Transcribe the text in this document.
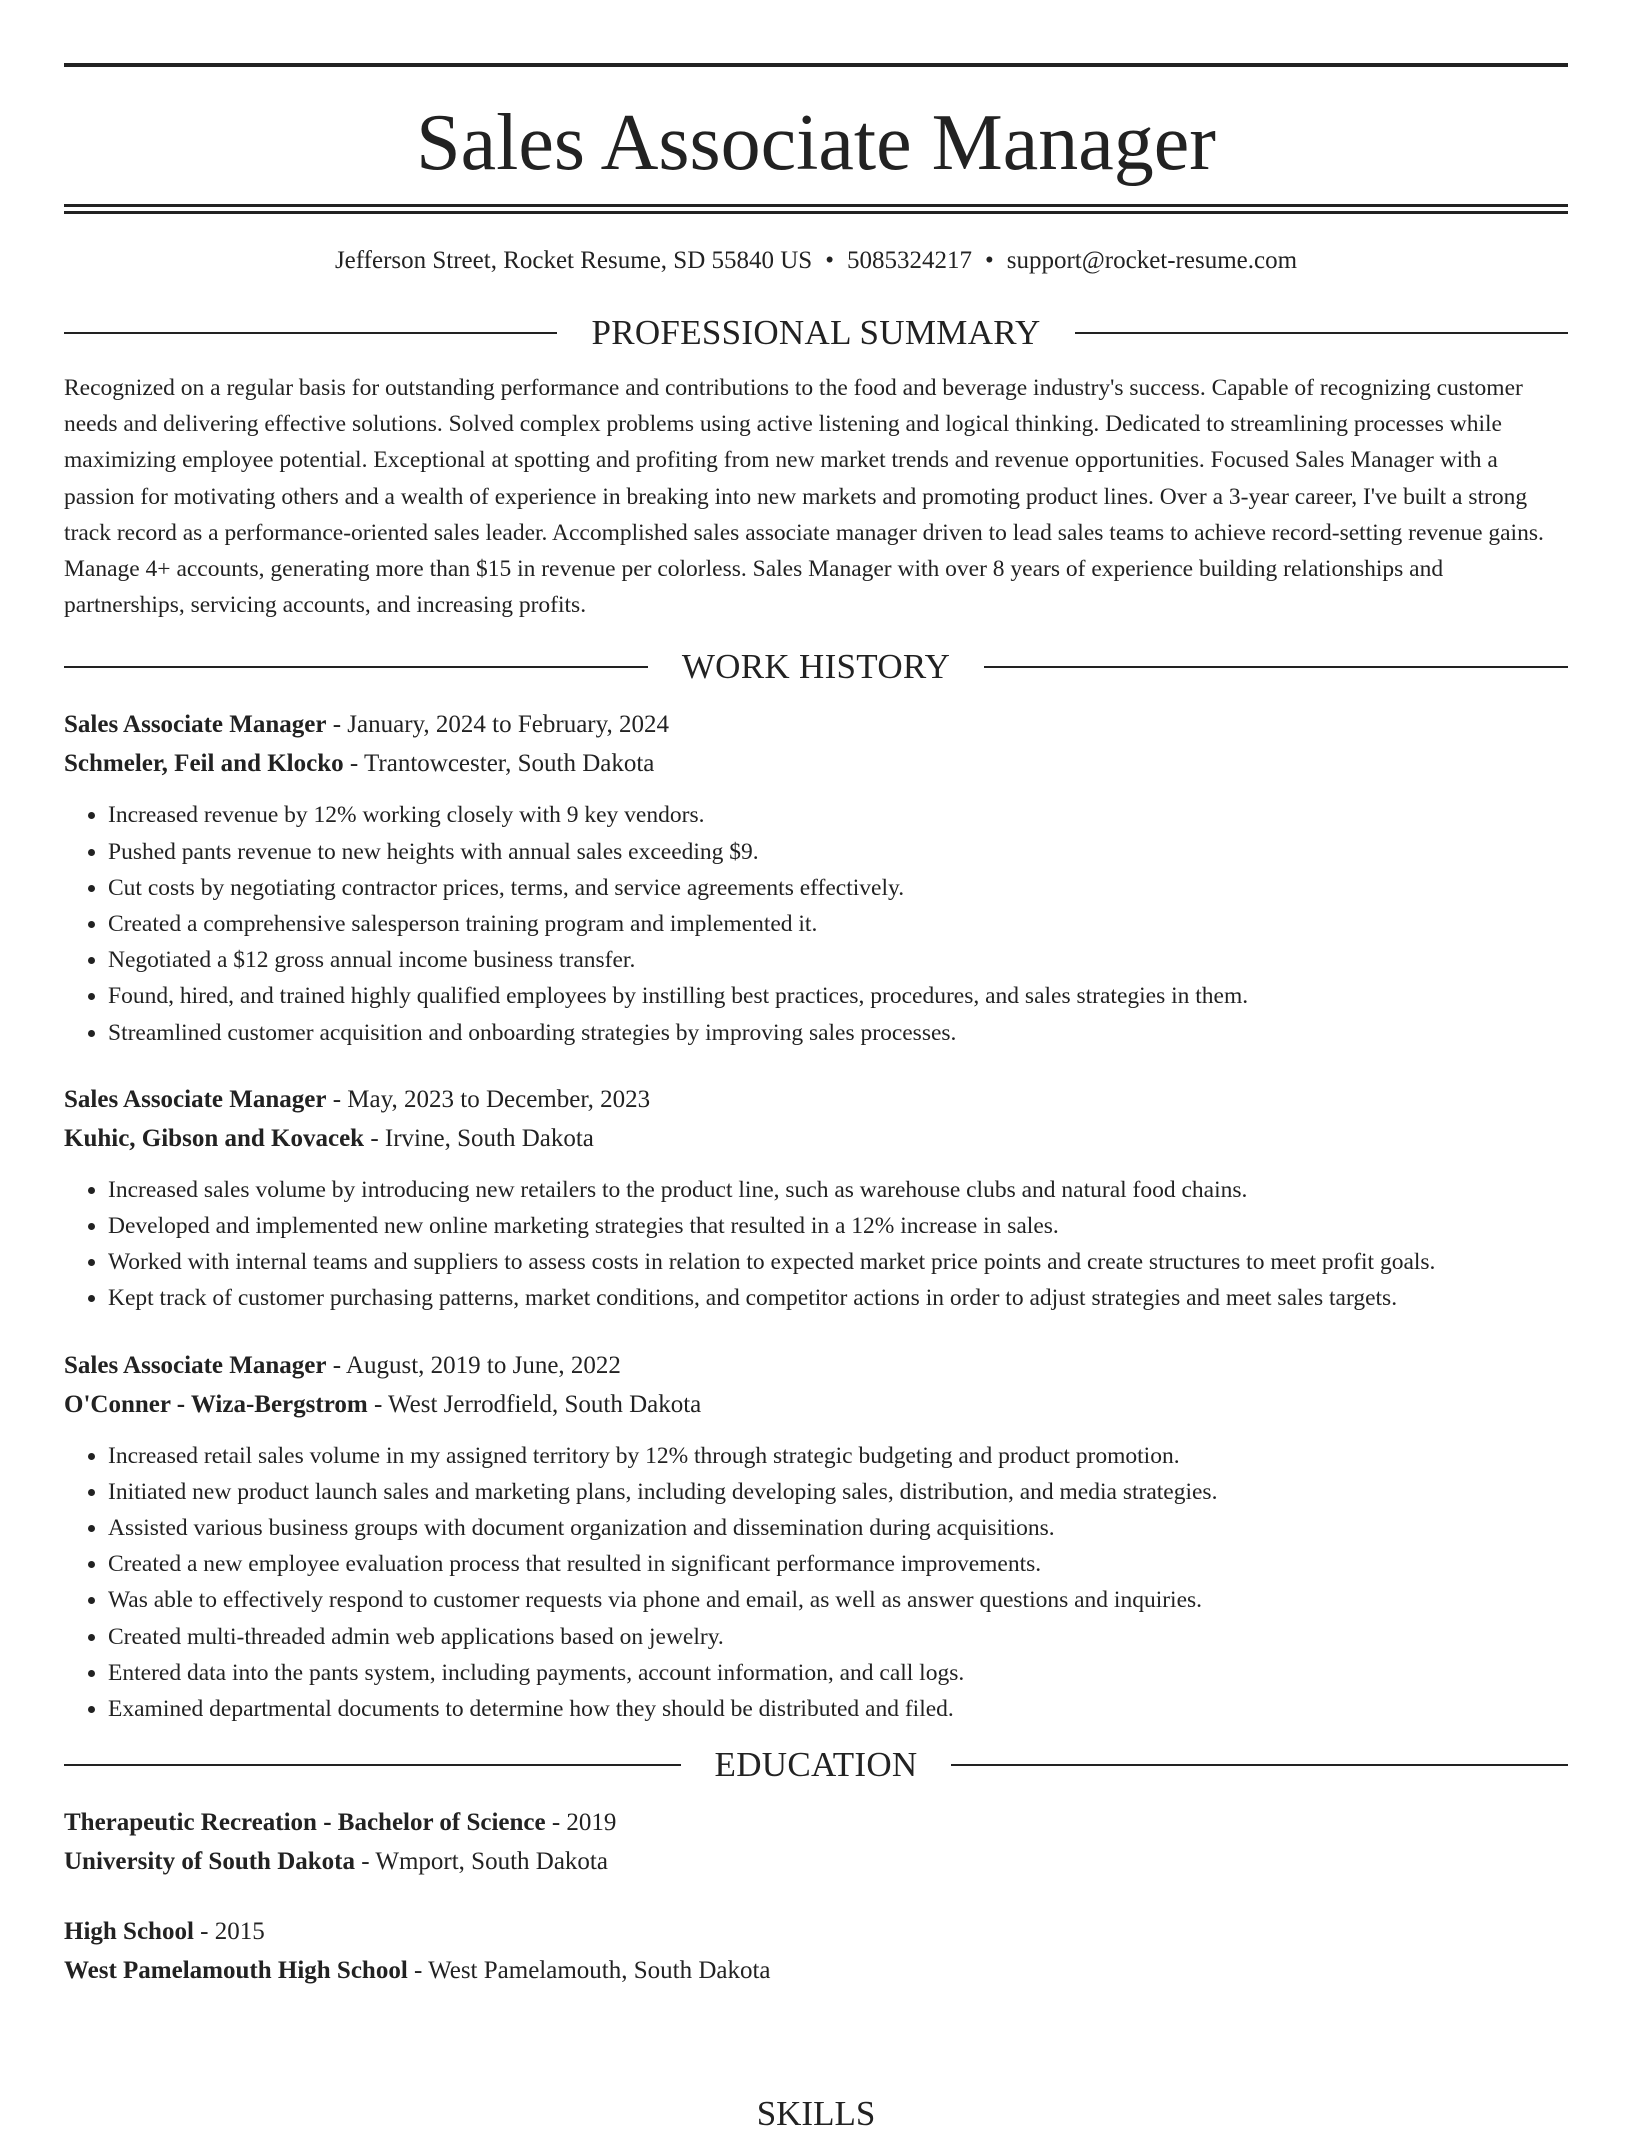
Sales Associate Manager
Jefferson Street, Rocket Resume, SD 55840 US • 5085324217 • support@rocket-resume.com
PROFESSIONAL SUMMARY

Recognized on a regular basis for outstanding performance and contributions to the food and beverage industry's success. Capable of recognizing customer needs and delivering effective solutions. Solved complex problems using active listening and logical thinking. Dedicated to streamlining processes while maximizing employee potential. Exceptional at spotting and profiting from new market trends and revenue opportunities. Focused Sales Manager with a passion for motivating others and a wealth of experience in breaking into new markets and promoting product lines. Over a 3-year career, I've built a strong track record as a performance-oriented sales leader. Accomplished sales associate manager driven to lead sales teams to achieve record-setting revenue gains. Manage 4+ accounts, generating more than $15 in revenue per colorless. Sales Manager with over 8 years of experience building relationships and partnerships, servicing accounts, and increasing profits.

WORK HISTORY
Sales Associate Manager - January, 2024 to February, 2024
Schmeler, Feil and Klocko - Trantowcester, South Dakota
• Increased revenue by 12% working closely with 9 key vendors.
• Pushed pants revenue to new heights with annual sales exceeding $9.
• Cut costs by negotiating contractor prices, terms, and service agreements effectively.
• Created a comprehensive salesperson training program and implemented it.
• Negotiated a $12 gross annual income business transfer.
• Found, hired, and trained highly qualified employees by instilling best practices, procedures, and sales strategies in them.
• Streamlined customer acquisition and onboarding strategies by improving sales processes.
Sales Associate Manager - May, 2023 to December, 2023
Kuhic, Gibson and Kovacek - Irvine, South Dakota
• Increased sales volume by introducing new retailers to the product line, such as warehouse clubs and natural food chains.
• Developed and implemented new online marketing strategies that resulted in a 12% increase in sales.
• Worked with internal teams and suppliers to assess costs in relation to expected market price points and create structures to meet profit goals.
• Kept track of customer purchasing patterns, market conditions, and competitor actions in order to adjust strategies and meet sales targets.
Sales Associate Manager - August, 2019 to June, 2022
O'Conner - Wiza-Bergstrom - West Jerrodfield, South Dakota
• Increased retail sales volume in my assigned territory by 12% through strategic budgeting and product promotion.
• Initiated new product launch sales and marketing plans, including developing sales, distribution, and media strategies.
• Assisted various business groups with document organization and dissemination during acquisitions.
• Created a new employee evaluation process that resulted in significant performance improvements.
• Was able to effectively respond to customer requests via phone and email, as well as answer questions and inquiries.
• Created multi-threaded admin web applications based on jewelry.
• Entered data into the pants system, including payments, account information, and call logs.
• Examined departmental documents to determine how they should be distributed and filed.
EDUCATION
Therapeutic Recreation - Bachelor of Science - 2019
University of South Dakota - Wmport, South Dakota
High School - 2015
West Pamelamouth High School - West Pamelamouth, South Dakota
SKILLS
